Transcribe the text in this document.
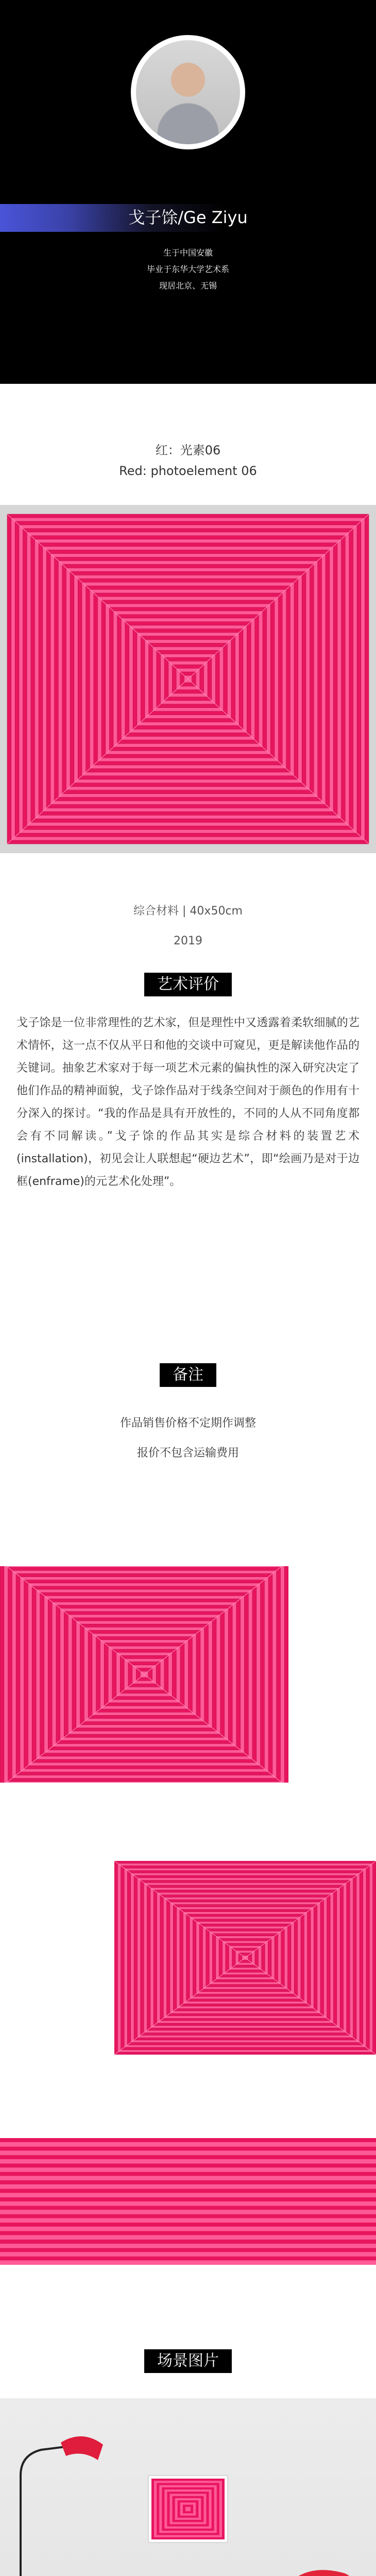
戈子馀/Ge Ziyu
生于中国安徽
毕业于东华大学艺术系
现居北京、无锡
红：光素06
Red: photoelement 06
综合材料 | 40x50cm
2019
艺术评价
戈子馀是一位非常理性的艺术家，但是理性中又透露着柔软细腻的艺术情怀，这一点不仅从平日和他的交谈中可窥见，更是解读他作品的关键词。抽象艺术家对于每一项艺术元素的偏执性的深入研究决定了他们作品的精神面貌，戈子馀作品对于线条空间对于颜色的作用有十分深入的探讨。“我的作品是具有开放性的，不同的人从不同角度都会有不同解读。”戈子馀的作品其实是综合材料的装置艺术(installation)，初见会让人联想起“硬边艺术”，即“绘画乃是对于边框(enframe)的元艺术化处理”。
备注
作品销售价格不定期作调整
报价不包含运输费用
场景图片
